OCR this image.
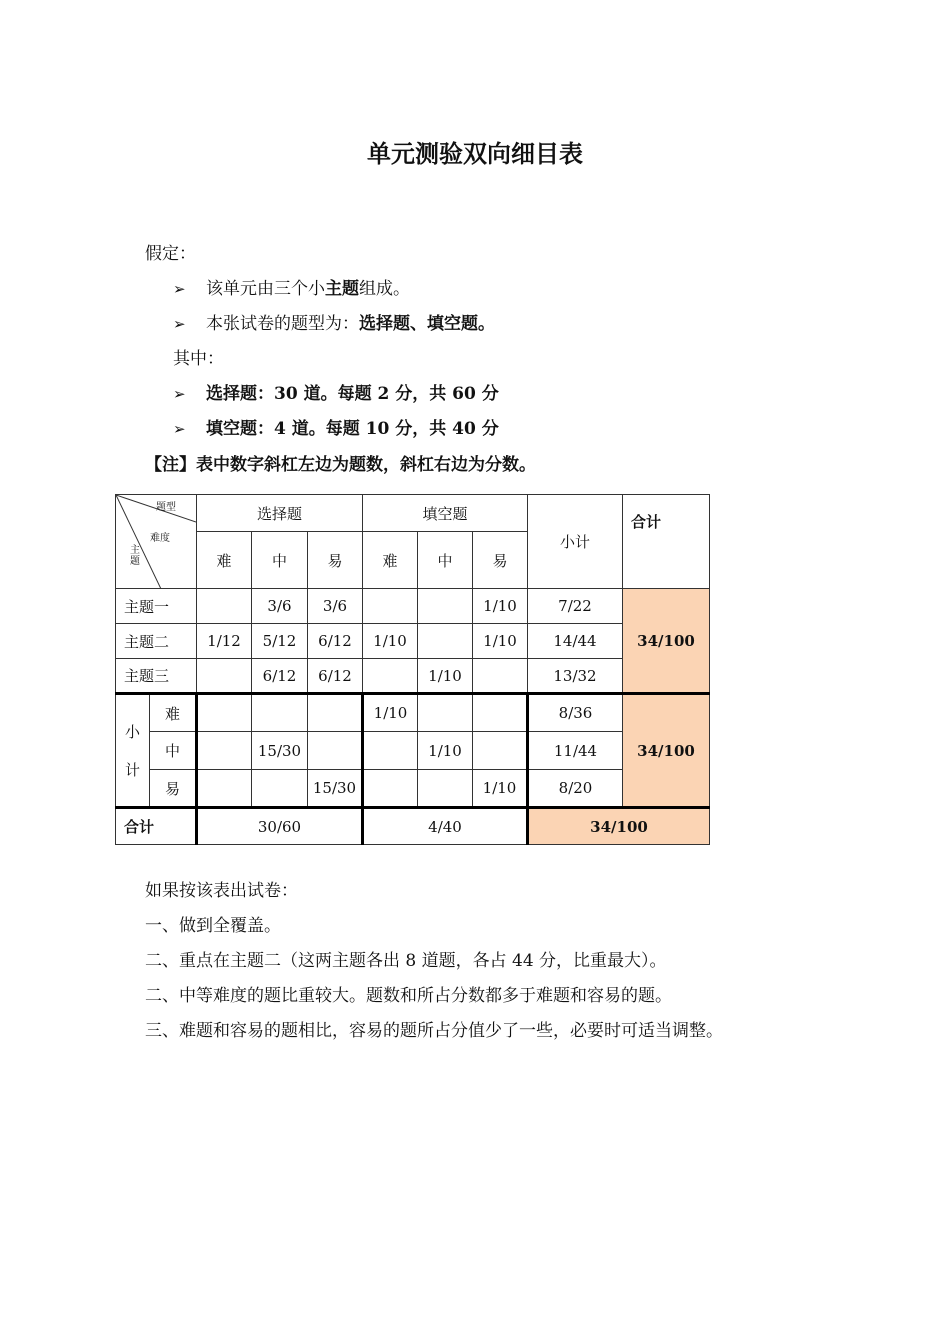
单元测验双向细目表
假定：
➢ 该单元由三个小主题组成。
➢ 本张试卷的题型为：选择题、填空题。
其中：
➢ 选择题：30 道。每题 2 分，共 60 分
➢ 填空题：4 道。每题 10 分，共 40 分
【注】表中数字斜杠左边为题数，斜杠右边为分数。
题型
难度
主题		选择题			填空题			小计	合计
		难	中	易	难	中	易		
主题一			3/6	3/6			1/10	7/22	34/100
主题二		1/12	5/12	6/12	1/10		1/10	14/44	
主题三			6/12	6/12		1/10		13/32	
小计	难				1/10			8/36	34/100
	中		15/30			1/10		11/44	
	易			15/30			1/10	8/20	
合计		30/60			4/40			34/100	
如果按该表出试卷：
一、做到全覆盖。
二、重点在主题二（这两主题各出 8 道题，各占 44 分，比重最大）。
二、中等难度的题比重较大。题数和所占分数都多于难题和容易的题。
三、难题和容易的题相比，容易的题所占分值少了一些，必要时可适当调整。
